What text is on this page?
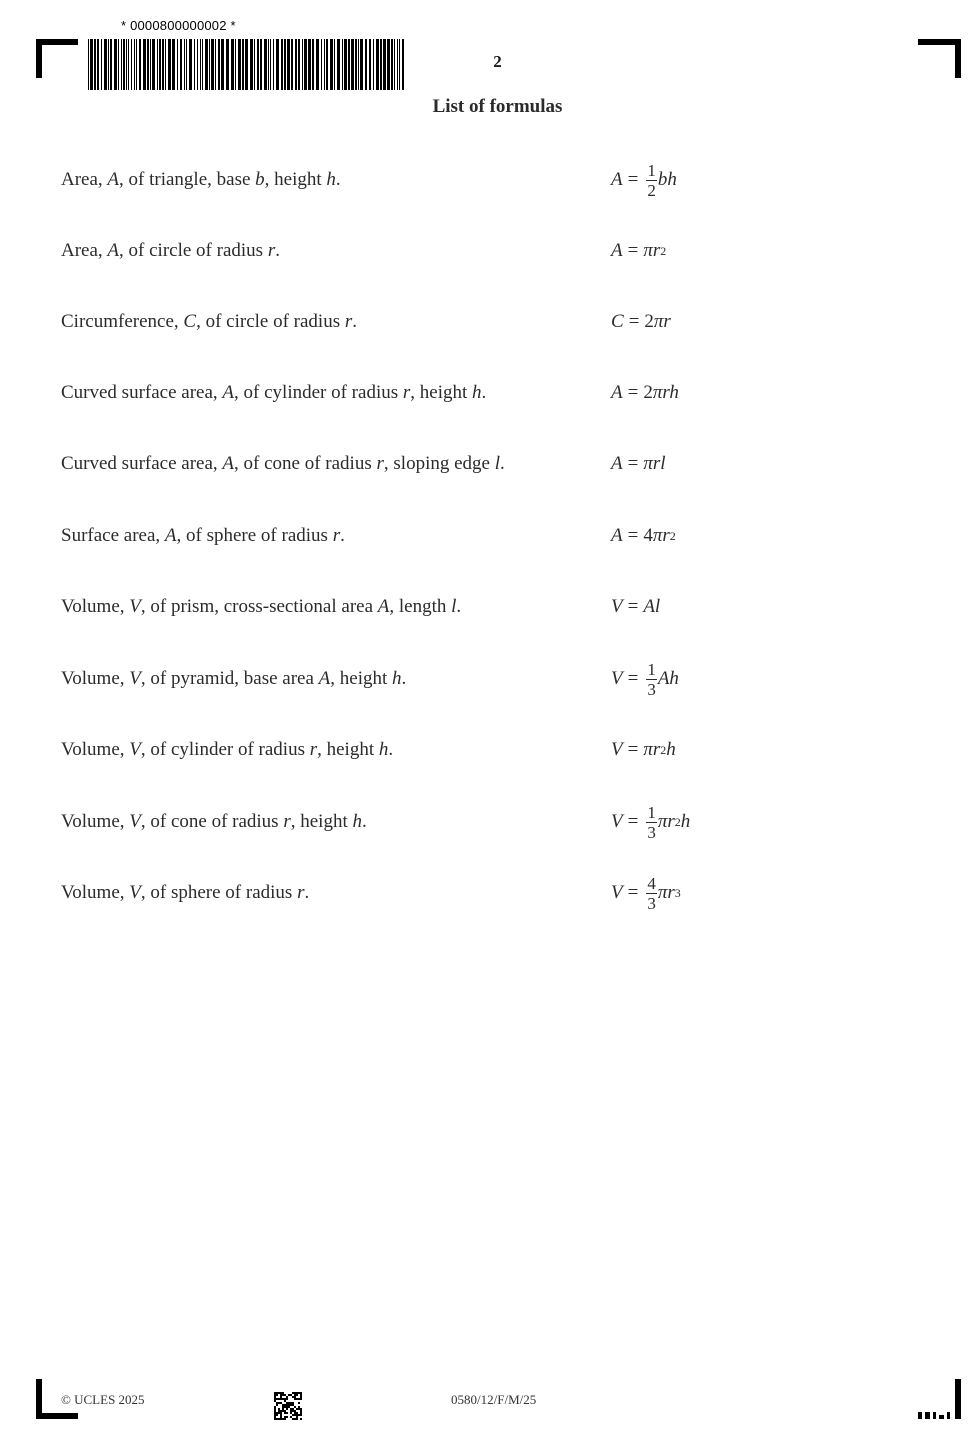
* 0000800000002 *
2
List of formulas
Area, A, of triangle, base b, height h.	$A = \frac{1}{2}$ bh
Area, A, of circle of radius r.	A = πr 2
Circumference, C, of circle of radius r.	C = 2 πr
Curved surface area, A, of cylinder of radius r, height h.	A = 2 πrh
Curved surface area, A, of cone of radius r, sloping edge l.	A = πrl
Surface area, A, of sphere of radius r.	A = 4 πr 2
Volume, V, of prism, cross-sectional area A, length l.	V = Al
Volume, V, of pyramid, base area A, height h.	$V = \frac{1}{3}$ Ah
Volume, V, of cylinder of radius r, height h.	V = πr 2 h
Volume, V, of cone of radius r, height h.	$V = \frac{1}{3}$ πr 2 h
Volume, V, of sphere of radius r.	$V = \frac{4}{3}$ πr 3
© UCLES 2025	0580/12/F/M/25
